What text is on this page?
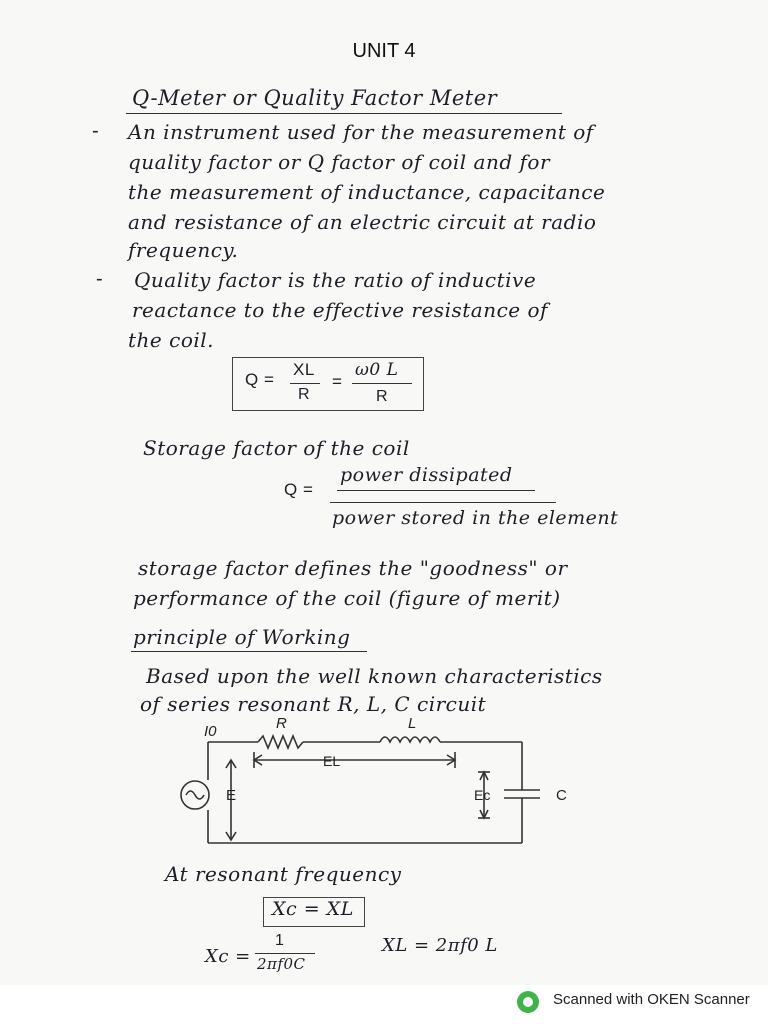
UNIT 4
Q-Meter or Quality Factor Meter
- An instrument used for the measurement of
quality factor or Q factor of coil and for
the measurement of inductance, capacitance
and resistance of an electric circuit at radio
frequency.
- Quality factor is the ratio of inductive
reactance to the effective resistance of
the coil.
Q =
XL
R
=
ω0 L
R
Storage factor of the coil
Q =
power dissipated
power stored in the element
storage factor defines the "goodness" or
performance of the coil (figure of merit)
principle of Working
Based upon the well known characteristics
of series resonant R, L, C circuit
I0	R	L
EL
E	Ec	C
At resonant frequency
Xc = XL
Xc =
1
2πf0C
XL = 2πf0 L
Scanned with OKEN Scanner
